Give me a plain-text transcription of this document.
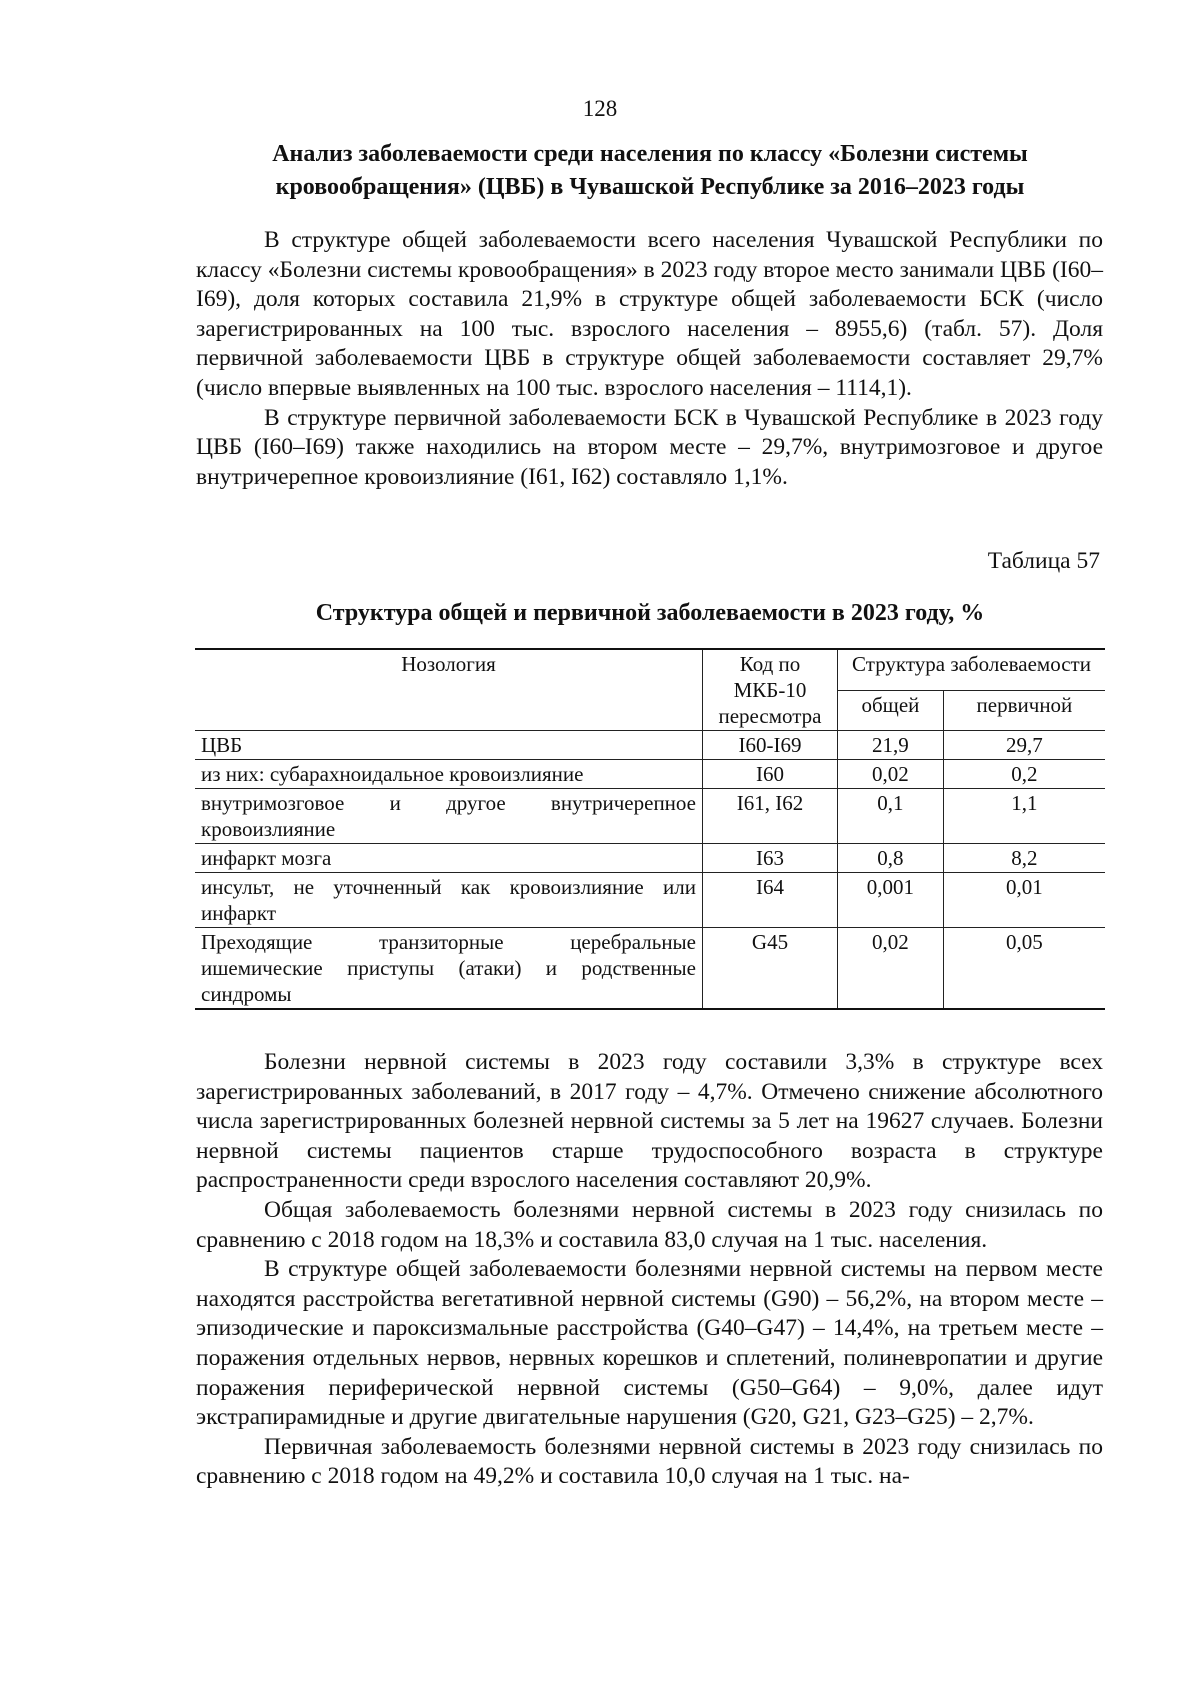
128
Анализ заболеваемости среди населения по классу «Болезни системы
кровообращения» (ЦВБ) в Чувашской Республике за 2016–2023 годы

В структуре общей заболеваемости всего населения Чувашской Республики по классу «Болезни системы кровообращения» в 2023 году второе место занимали ЦВБ (I60–I69), доля которых составила 21,9% в структуре общей заболеваемости БСК (число зарегистрированных на 100 тыс. взрослого населения – 8955,6) (табл. 57). Доля первичной заболеваемости ЦВБ в структуре общей заболеваемости составляет 29,7% (число впервые выявленных на 100 тыс. взрослого населения – 1114,1).

В структуре первичной заболеваемости БСК в Чувашской Республике в 2023 году ЦВБ (I60–I69) также находились на втором месте – 29,7%, внутримозговое и другое внутричерепное кровоизлияние (I61, I62) составляло 1,1%.

Таблица 57
Структура общей и первичной заболеваемости в 2023 году, %
Нозология	Код по МКБ-10 пересмотра	Структура заболеваемости	
		общей	первичной
ЦВБ	I60-I69	21,9	29,7
из них: субарахноидальное кровоизлияние	I60	0,02	0,2
внутримозговое и другое внутричерепное кровоизлияние	I61, I62	0,1	1,1
инфаркт мозга	I63	0,8	8,2
инсульт, не уточненный как кровоизлияние или инфаркт	I64	0,001	0,01
Преходящие транзиторные церебральные ишемические приступы (атаки) и родственные синдромы	G45	0,02	0,05

Болезни нервной системы в 2023 году составили 3,3% в структуре всех зарегистрированных заболеваний, в 2017 году – 4,7%. Отмечено снижение абсолютного числа зарегистрированных болезней нервной системы за 5 лет на 19627 случаев. Болезни нервной системы пациентов старше трудоспособного возраста в структуре распространенности среди взрослого населения составляют 20,9%.

Общая заболеваемость болезнями нервной системы в 2023 году снизилась по сравнению с 2018 годом на 18,3% и составила 83,0 случая на 1 тыс. населения.

В структуре общей заболеваемости болезнями нервной системы на первом месте находятся расстройства вегетативной нервной системы (G90) – 56,2%, на втором месте – эпизодические и пароксизмальные расстройства (G40–G47) – 14,4%, на третьем месте – поражения отдельных нервов, нервных корешков и сплетений, полиневропатии и другие поражения периферической нервной системы (G50–G64) – 9,0%, далее идут экстрапирамидные и другие двигательные нарушения (G20, G21, G23–G25) – 2,7%.

Первичная заболеваемость болезнями нервной системы в 2023 году снизилась по сравнению с 2018 годом на 49,2% и составила 10,0 случая на 1 тыс. на-
